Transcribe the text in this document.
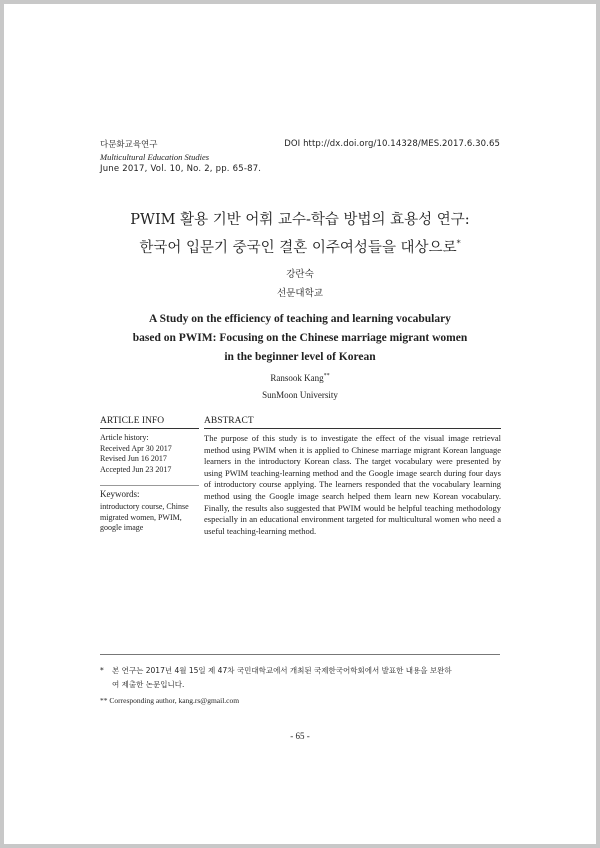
다문화교육연구
Multicultural Education Studies
June 2017, Vol. 10, No. 2, pp. 65-87.
DOI http://dx.doi.org/10.14328/MES.2017.6.30.65
PWIM 활용 기반 어휘 교수-학습 방법의 효용성 연구:
한국어 입문기 중국인 결혼 이주여성들을 대상으로*
강란숙
선문대학교
A Study on the efficiency of teaching and learning vocabulary
based on PWIM: Focusing on the Chinese marriage migrant women
in the beginner level of Korean
Ransook Kang**
SunMoon University
ARTICLE INFO	ABSTRACT
Article history:
Received Apr 30 2017
Revised Jun 16 2017
Accepted Jun 23 2017
Keywords:
introductory course, Chinse migrated women, PWIM, google image
The purpose of this study is to investigate the effect of the visual image retrieval method using PWIM when it is applied to Chinese marriage migrant Korean language learners in the introductory Korean class. The target vocabulary were presented by using PWIM teaching-learning method and the Google image search during four days of introductory course applying. The learners responded that the vocabulary learning method using the Google image search helped them learn new Korean vocabulary. Finally, the results also suggested that PWIM would be helpful teaching methodology especially in an educational environment targeted for multicultural women who need a useful teaching-learning method.
* 본 연구는 2017년 4월 15일 제 47차 국민대학교에서 개최된 국제한국어학회에서 발표한 내용을 보완하
여 제출한 논문입니다.
** Corresponding author, kang.rs@gmail.com
- 65 -
